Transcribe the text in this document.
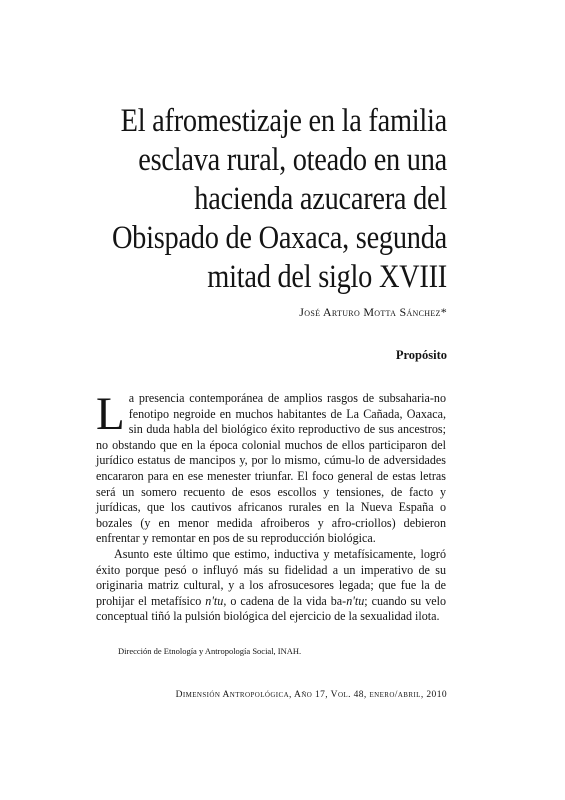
El afromestizaje en la familia
esclava rural, oteado en una
hacienda azucarera del
Obispado de Oaxaca, segunda
mitad del siglo XVIII
José Arturo Motta Sánchez*
Propósito

La presencia contemporánea de amplios rasgos de subsaharia-no fenotipo negroide en muchos habitantes de La Cañada, Oaxaca, sin duda habla del biológico éxito reproductivo de sus ancestros; no obstando que en la época colonial muchos de ellos participaron del jurídico estatus de mancipos y, por lo mismo, cúmu-lo de adversidades encararon para en ese menester triunfar. El foco general de estas letras será un somero recuento de esos escollos y tensiones, de facto y jurídicas, que los cautivos africanos rurales en la Nueva España o bozales (y en menor medida afroiberos y afro-criollos) debieron enfrentar y remontar en pos de su reproducción biológica.

Asunto este último que estimo, inductiva y metafísicamente, logró éxito porque pesó o influyó más su fidelidad a un imperativo de su originaria matriz cultural, y a los afrosucesores legada; que fue la de prohijar el metafísico n'tu, o cadena de la vida ba-n'tu; cuando su velo conceptual tiñó la pulsión biológica del ejercicio de la sexualidad ilota.

Dirección de Etnología y Antropología Social, INAH.
Dimensión Antropológica, Año 17, Vol. 48, enero/abril, 2010
